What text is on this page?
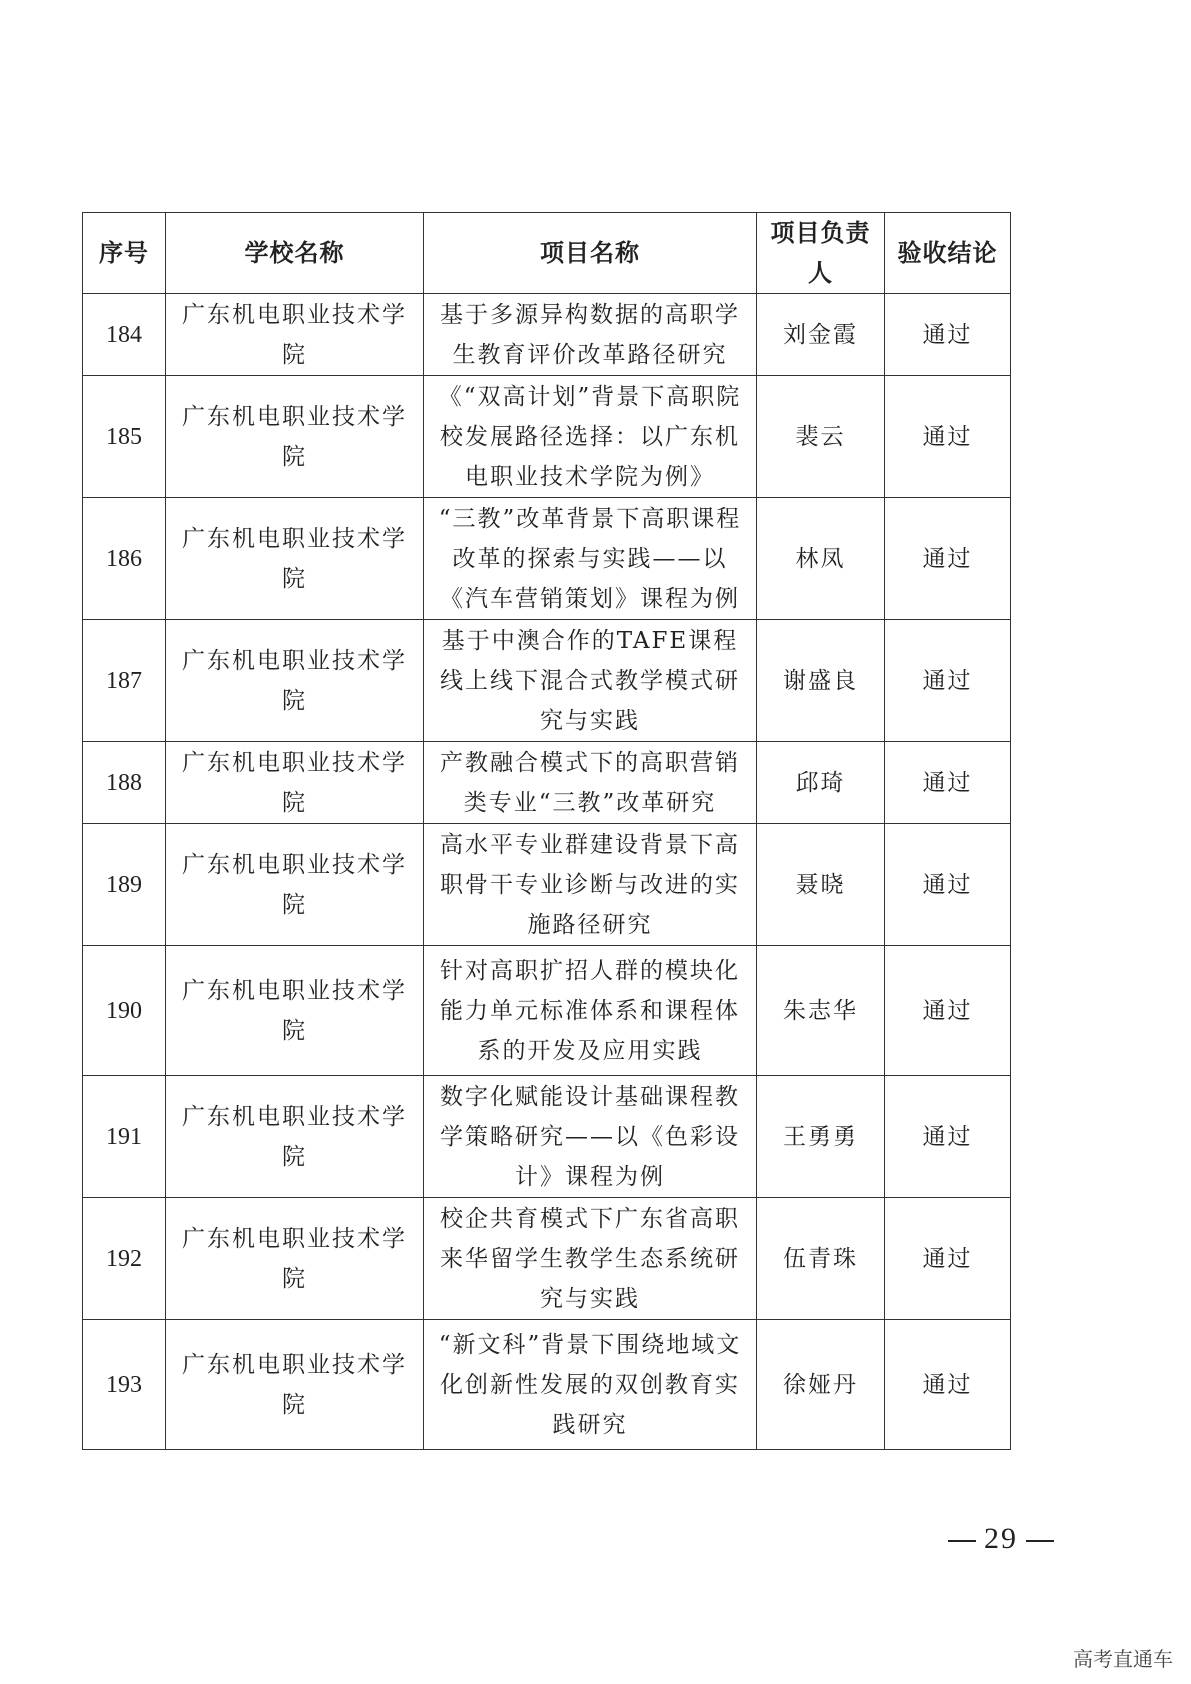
序号	学校名称	项目名称	项目负责人	验收结论
184	广东机电职业技术学院	基于多源异构数据的高职学生教育评价改革路径研究	刘金霞	通过
185	广东机电职业技术学院	《“双高计划”背景下高职院校发展路径选择：以广东机电职业技术学院为例》	裴云	通过
186	广东机电职业技术学院	“三教”改革背景下高职课程改革的探索与实践——以《汽车营销策划》课程为例	林凤	通过
187	广东机电职业技术学院	基于中澳合作的TAFE课程线上线下混合式教学模式研究与实践	谢盛良	通过
188	广东机电职业技术学院	产教融合模式下的高职营销类专业“三教”改革研究	邱琦	通过
189	广东机电职业技术学院	高水平专业群建设背景下高职骨干专业诊断与改进的实施路径研究	聂晓	通过
190	广东机电职业技术学院	针对高职扩招人群的模块化能力单元标准体系和课程体系的开发及应用实践	朱志华	通过
191	广东机电职业技术学院	数字化赋能设计基础课程教学策略研究——以《色彩设计》课程为例	王勇勇	通过
192	广东机电职业技术学院	校企共育模式下广东省高职来华留学生教学生态系统研究与实践	伍青珠	通过
193	广东机电职业技术学院	“新文科”背景下围绕地域文化创新性发展的双创教育实践研究	徐娅丹	通过
29
高考直通车
